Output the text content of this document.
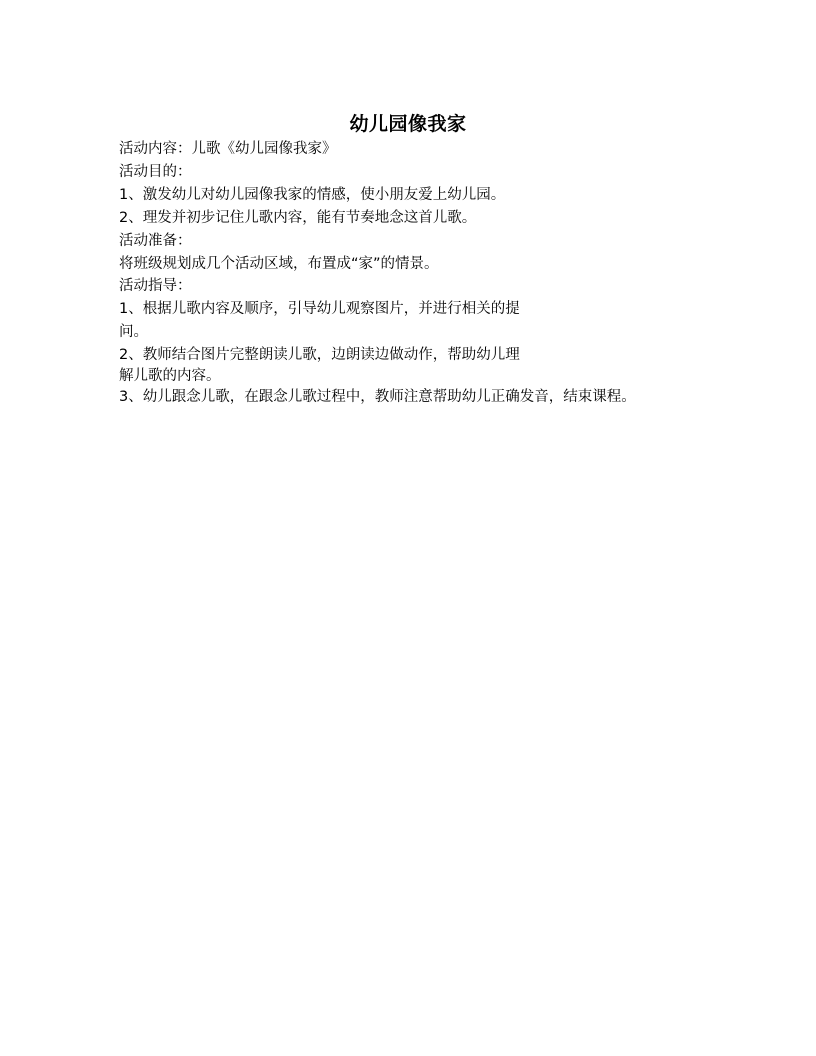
幼儿园像我家
活动内容：儿歌《幼儿园像我家》
活动目的：
1、激发幼儿对幼儿园像我家的情感，使小朋友爱上幼儿园。
2、理发并初步记住儿歌内容，能有节奏地念这首儿歌。
活动准备：
将班级规划成几个活动区域，布置成“家”的情景。
活动指导：
1、根据儿歌内容及顺序，引导幼儿观察图片，并进行相关的提
问。
2、教师结合图片完整朗读儿歌，边朗读边做动作，帮助幼儿理
解儿歌的内容。
3、幼儿跟念儿歌，在跟念儿歌过程中，教师注意帮助幼儿正确发音，结束课程。
